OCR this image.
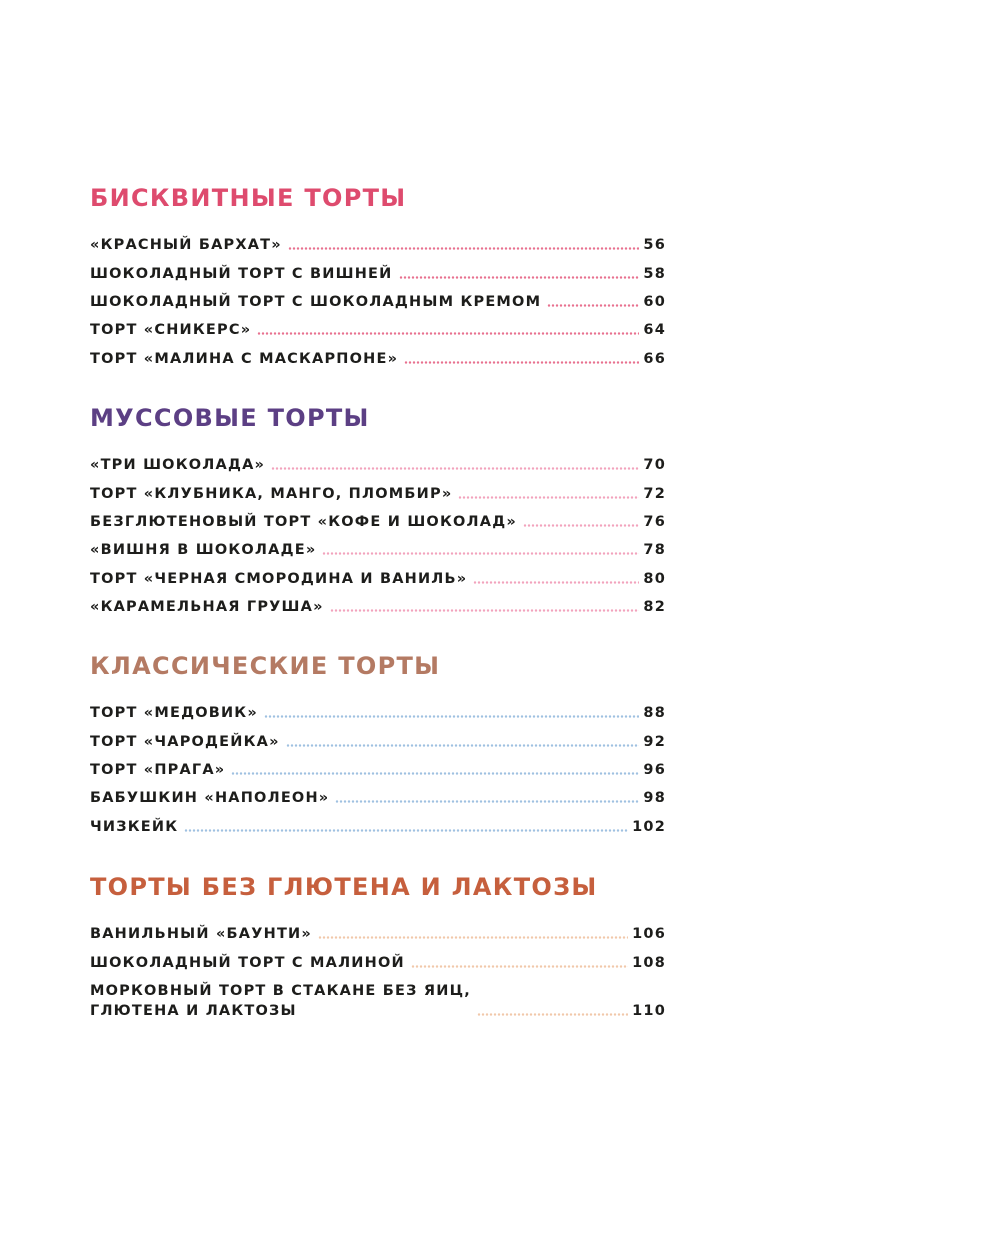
БИСКВИТНЫЕ ТОРТЫ
«КРАСНЫЙ БАРХАТ»	56
ШОКОЛАДНЫЙ ТОРТ С ВИШНЕЙ	58
ШОКОЛАДНЫЙ ТОРТ С ШОКОЛАДНЫМ КРЕМОМ	60
ТОРТ «СНИКЕРС»	64
ТОРТ «МАЛИНА С МАСКАРПОНЕ»	66
МУССОВЫЕ ТОРТЫ
«ТРИ ШОКОЛАДА»	70
ТОРТ «КЛУБНИКА, МАНГО, ПЛОМБИР»	72
БЕЗГЛЮТЕНОВЫЙ ТОРТ «КОФЕ И ШОКОЛАД»	76
«ВИШНЯ В ШОКОЛАДЕ»	78
ТОРТ «ЧЕРНАЯ СМОРОДИНА И ВАНИЛЬ»	80
«КАРАМЕЛЬНАЯ ГРУША»	82
КЛАССИЧЕСКИЕ ТОРТЫ
ТОРТ «МЕДОВИК»	88
ТОРТ «ЧАРОДЕЙКА»	92
ТОРТ «ПРАГА»	96
БАБУШКИН «НАПОЛЕОН»	98
ЧИЗКЕЙК	102
ТОРТЫ БЕЗ ГЛЮТЕНА И ЛАКТОЗЫ
ВАНИЛЬНЫЙ «БАУНТИ»	106
ШОКОЛАДНЫЙ ТОРТ С МАЛИНОЙ	108
МОРКОВНЫЙ ТОРТ В СТАКАНЕ БЕЗ ЯИЦ,
ГЛЮТЕНА И ЛАКТОЗЫ	110
